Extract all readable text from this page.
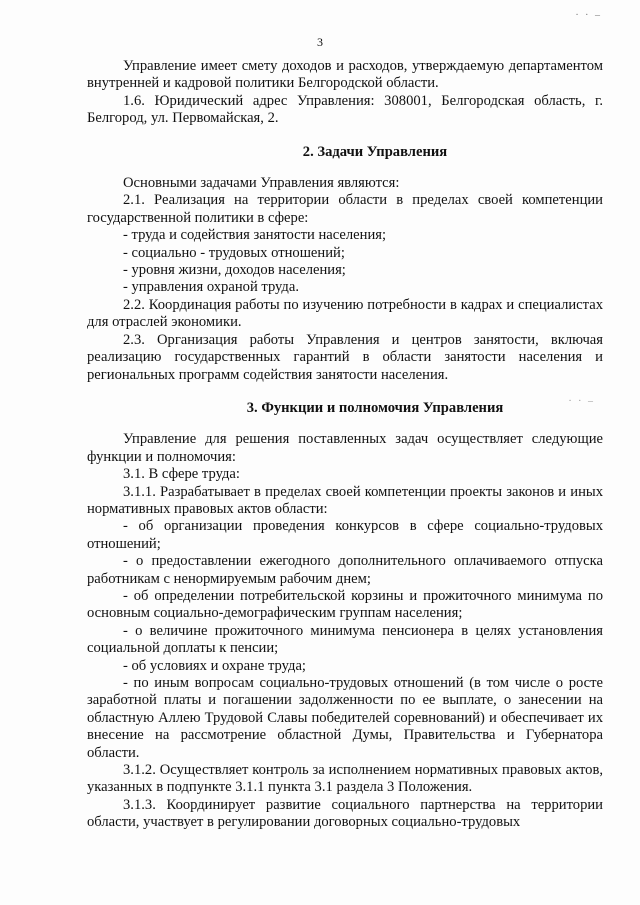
· · –
3
· · –

Управление имеет смету доходов и расходов, утверждаемую департаментом внутренней и кадровой политики Белгородской области.

1.6. Юридический адрес Управления: 308001, Белгородская область, г. Белгород, ул. Первомайская, 2.

2. Задачи Управления

Основными задачами Управления являются:

2.1. Реализация на территории области в пределах своей компетенции государственной политики в сфере:

- труда и содействия занятости населения;

- социально - трудовых отношений;

- уровня жизни, доходов населения;

- управления охраной труда.

2.2. Координация работы по изучению потребности в кадрах и специалистах для отраслей экономики.

2.3. Организация работы Управления и центров занятости, включая реализацию государственных гарантий в области занятости населения и региональных программ содействия занятости населения.

3. Функции и полномочия Управления

Управление для решения поставленных задач осуществляет следующие функции и полномочия:

3.1. В сфере труда:

3.1.1. Разрабатывает в пределах своей компетенции проекты законов и иных нормативных правовых актов области:

- об организации проведения конкурсов в сфере социально-трудовых отношений;

- о предоставлении ежегодного дополнительного оплачиваемого отпуска работникам с ненормируемым рабочим днем;

- об определении потребительской корзины и прожиточного минимума по основным социально-демографическим группам населения;

- о величине прожиточного минимума пенсионера в целях установления социальной доплаты к пенсии;

- об условиях и охране труда;

- по иным вопросам социально-трудовых отношений (в том числе о росте заработной платы и погашении задолженности по ее выплате, о занесении на областную Аллею Трудовой Славы победителей соревнований) и обеспечивает их внесение на рассмотрение областной Думы, Правительства и Губернатора области.

3.1.2. Осуществляет контроль за исполнением нормативных правовых актов, указанных в подпункте 3.1.1 пункта 3.1 раздела 3 Положения.

3.1.3. Координирует развитие социального партнерства на территории области, участвует в регулировании договорных социально-трудовых
